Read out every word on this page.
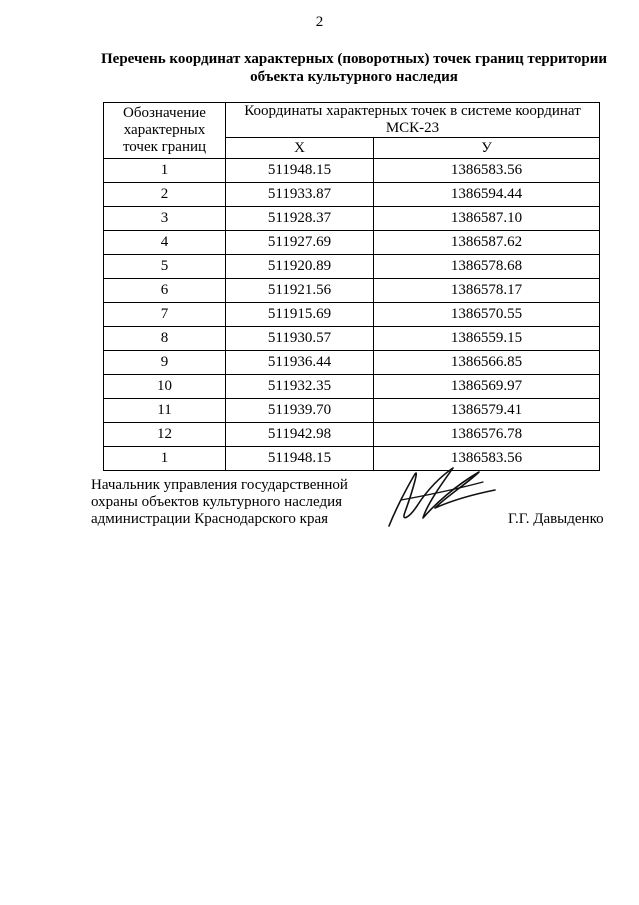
2
Перечень координат характерных (поворотных) точек границ территории
объекта культурного наследия
Обозначение
характерных
точек границ	Координаты характерных точек в системе координат
МСК-23	

	Х	У
1	511948.15	1386583.56
2	511933.87	1386594.44
3	511928.37	1386587.10
4	511927.69	1386587.62
5	511920.89	1386578.68
6	511921.56	1386578.17
7	511915.69	1386570.55
8	511930.57	1386559.15
9	511936.44	1386566.85
10	511932.35	1386569.97
11	511939.70	1386579.41
12	511942.98	1386576.78
1	511948.15	1386583.56
Начальник управления государственной
охраны объектов культурного наследия
администрации Краснодарского края	Г.Г. Давыденко
